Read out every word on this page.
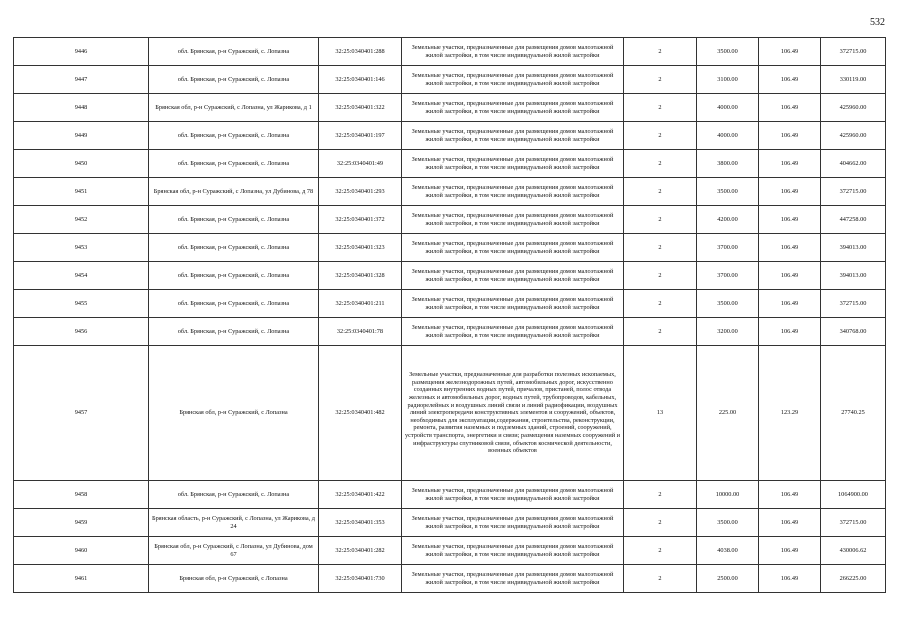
532
9446	обл. Брянская, р-н Суражский, с. Лопазна	32:25:0340401:288	Земельные участки, предназначенные для размещения домов малоэтажной жилой застройки, в том числе индивидуальной жилой застройки	2	3500.00	106.49	372715.00
9447	обл. Брянская, р-н Суражский, с. Лопазна	32:25:0340401:146	Земельные участки, предназначенные для размещения домов малоэтажной жилой застройки, в том числе индивидуальной жилой застройки	2	3100.00	106.49	330119.00
9448	Брянская обл, р-н Суражский, с Лопазна, ул Жарикова, д 1	32:25:0340401:322	Земельные участки, предназначенные для размещения домов малоэтажной жилой застройки, в том числе индивидуальной жилой застройки	2	4000.00	106.49	425960.00
9449	обл. Брянская, р-н Суражский, с. Лопазна	32:25:0340401:197	Земельные участки, предназначенные для размещения домов малоэтажной жилой застройки, в том числе индивидуальной жилой застройки	2	4000.00	106.49	425960.00
9450	обл. Брянская, р-н Суражский, с. Лопазна	32:25:0340401:49	Земельные участки, предназначенные для размещения домов малоэтажной жилой застройки, в том числе индивидуальной жилой застройки	2	3800.00	106.49	404662.00
9451	Брянская обл, р-н Суражский, с Лопазна, ул Дубинова, д 78	32:25:0340401:293	Земельные участки, предназначенные для размещения домов малоэтажной жилой застройки, в том числе индивидуальной жилой застройки	2	3500.00	106.49	372715.00
9452	обл. Брянская, р-н Суражский, с. Лопазна	32:25:0340401:372	Земельные участки, предназначенные для размещения домов малоэтажной жилой застройки, в том числе индивидуальной жилой застройки	2	4200.00	106.49	447258.00
9453	обл. Брянская, р-н Суражский, с. Лопазна	32:25:0340401:323	Земельные участки, предназначенные для размещения домов малоэтажной жилой застройки, в том числе индивидуальной жилой застройки	2	3700.00	106.49	394013.00
9454	обл. Брянская, р-н Суражский, с. Лопазна	32:25:0340401:328	Земельные участки, предназначенные для размещения домов малоэтажной жилой застройки, в том числе индивидуальной жилой застройки	2	3700.00	106.49	394013.00
9455	обл. Брянская, р-н Суражский, с. Лопазна	32:25:0340401:211	Земельные участки, предназначенные для размещения домов малоэтажной жилой застройки, в том числе индивидуальной жилой застройки	2	3500.00	106.49	372715.00
9456	обл. Брянская, р-н Суражский, с. Лопазна	32:25:0340401:78	Земельные участки, предназначенные для размещения домов малоэтажной жилой застройки, в том числе индивидуальной жилой застройки	2	3200.00	106.49	340768.00
9457	Брянская обл, р-н Суражский, с Лопазна	32:25:0340401:482	Земельные участки, предназначенные для разработки полезных ископаемых, размещения железнодорожных путей, автомобильных дорог, искусственно созданных внутренних водных путей, причалов, пристаней, полос отвода железных и автомобильных дорог, водных путей, трубопроводов, кабельных, радиорелейных и воздушных линий связи и линий радиофикации, воздушных линий электропередачи конструктивных элементов и сооружений, объектов, необходимых для эксплуатации,содержания, строительства, реконструкции, ремонта, развития наземных и подземных зданий, строений, сооружений, устройств транспорта, энергетики и связи; размещения наземных сооружений и инфраструктуры спутниковой связи, объектов космической деятельности, военных объектов	13	225.00	123.29	27740.25
9458	обл. Брянская, р-н Суражский, с. Лопазна	32:25:0340401:422	Земельные участки, предназначенные для размещения домов малоэтажной жилой застройки, в том числе индивидуальной жилой застройки	2	10000.00	106.49	1064900.00
9459	Брянская область, р-н Суражский, с Лопазна, ул Жарикова, д 24	32:25:0340401:353	Земельные участки, предназначенные для размещения домов малоэтажной жилой застройки, в том числе индивидуальной жилой застройки	2	3500.00	106.49	372715.00
9460	Брянская обл, р-н Суражский, с Лопазна, ул Дубинова, дом 67	32:25:0340401:282	Земельные участки, предназначенные для размещения домов малоэтажной жилой застройки, в том числе индивидуальной жилой застройки	2	4038.00	106.49	430006.62
9461	Брянская обл, р-н Суражский, с Лопазна	32:25:0340401:730	Земельные участки, предназначенные для размещения домов малоэтажной жилой застройки, в том числе индивидуальной жилой застройки	2	2500.00	106.49	266225.00
